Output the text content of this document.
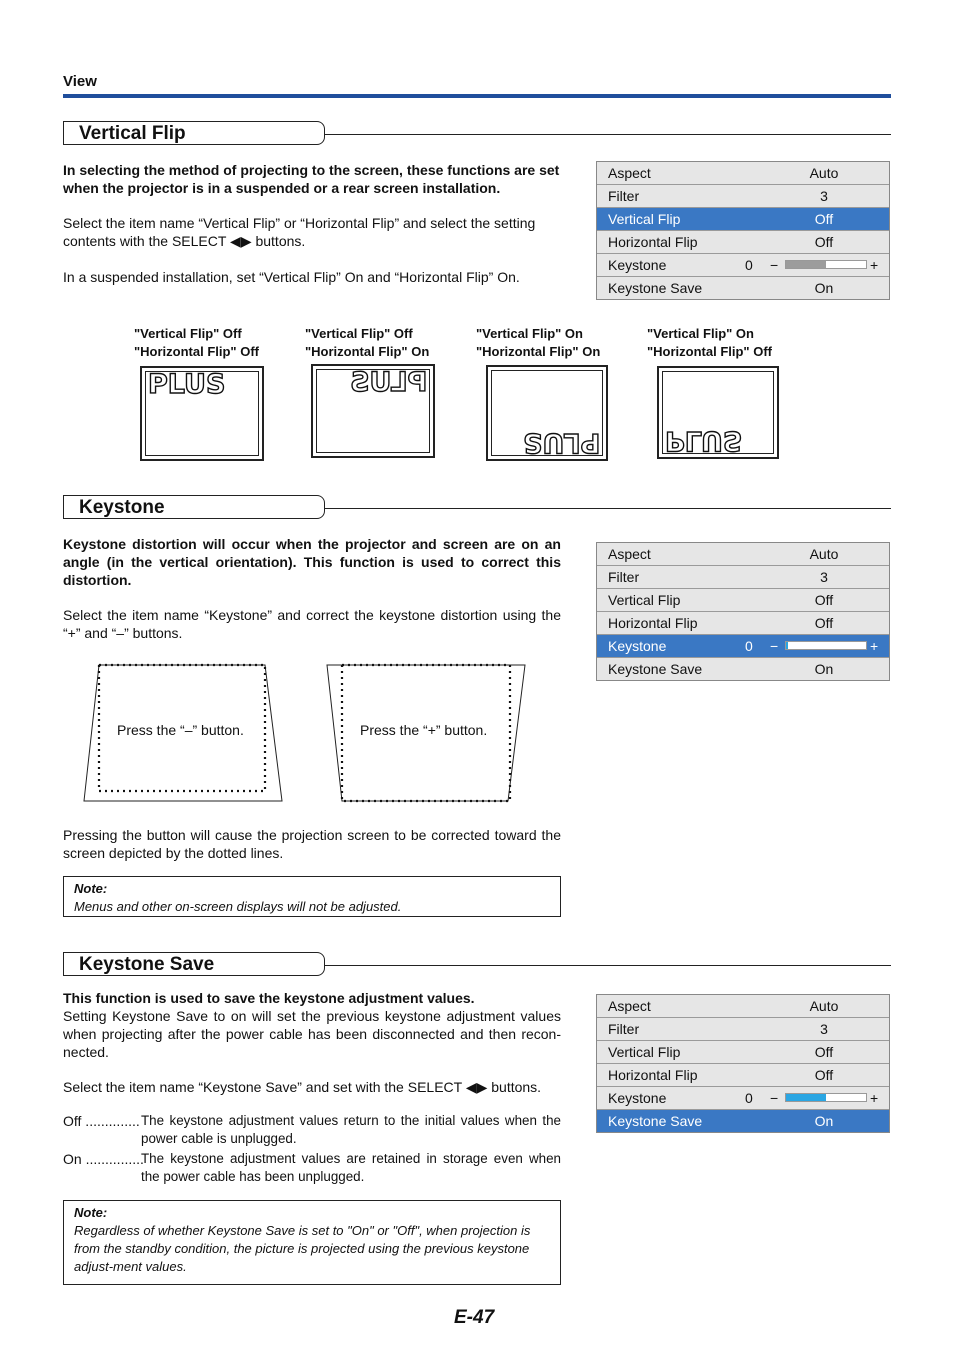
View
Vertical Flip

In selecting the method of projecting to the screen, these functions are set when the projector is in a suspended or a rear screen installation.

Select the item name “Vertical Flip” or “Horizontal Flip” and select the setting contents with the SELECT ◀▶ buttons.

In a suspended installation, set “Vertical Flip” On and “Horizontal Flip” On.

Aspect	Auto
Filter	3
Vertical Flip	Off
Horizontal Flip	Off
Keystone	0 −	+
Keystone Save	On
"Vertical Flip" Off
"Horizontal Flip" Off
"Vertical Flip" Off
"Horizontal Flip" On
"Vertical Flip" On
"Horizontal Flip" On
"Vertical Flip" On
"Horizontal Flip" Off
PLUS	PLUS
PLUS PLUS
Keystone

Keystone distortion will occur when the projector and screen are on an angle (in the vertical orientation). This function is used to correct this distortion.

Select the item name “Keystone” and correct the keystone distortion using the “+” and “–” buttons.

Aspect	Auto
Filter	3
Vertical Flip	Off
Horizontal Flip	Off
Keystone	0 −	+
Keystone Save	On
Press the “–” button.	Press the “+” button.

Pressing the button will cause the projection screen to be corrected toward the screen depicted by the dotted lines.

Note:
Menus and other on-screen displays will not be adjusted.
Keystone Save

This function is used to save the keystone adjustment values.

Setting Keystone Save to on will set the previous keystone adjustment values when projecting after the power cable has been disconnected and then recon-nected.

Select the item name “Keystone Save” and set with the SELECT ◀▶ buttons.

Aspect	Auto
Filter	3
Vertical Flip	Off
Horizontal Flip	Off
Keystone	0 −	+
Keystone Save	On
Off .............. The keystone adjustment values return to the initial values when the power cable is unplugged.
On ...............
The keystone adjustment values are retained in storage even when the power cable has been unplugged.
Note:
Regardless of whether Keystone Save is set to "On" or "Off", when projection is from the standby condition, the picture is projected using the previous keystone adjust-ment values.
E-47
